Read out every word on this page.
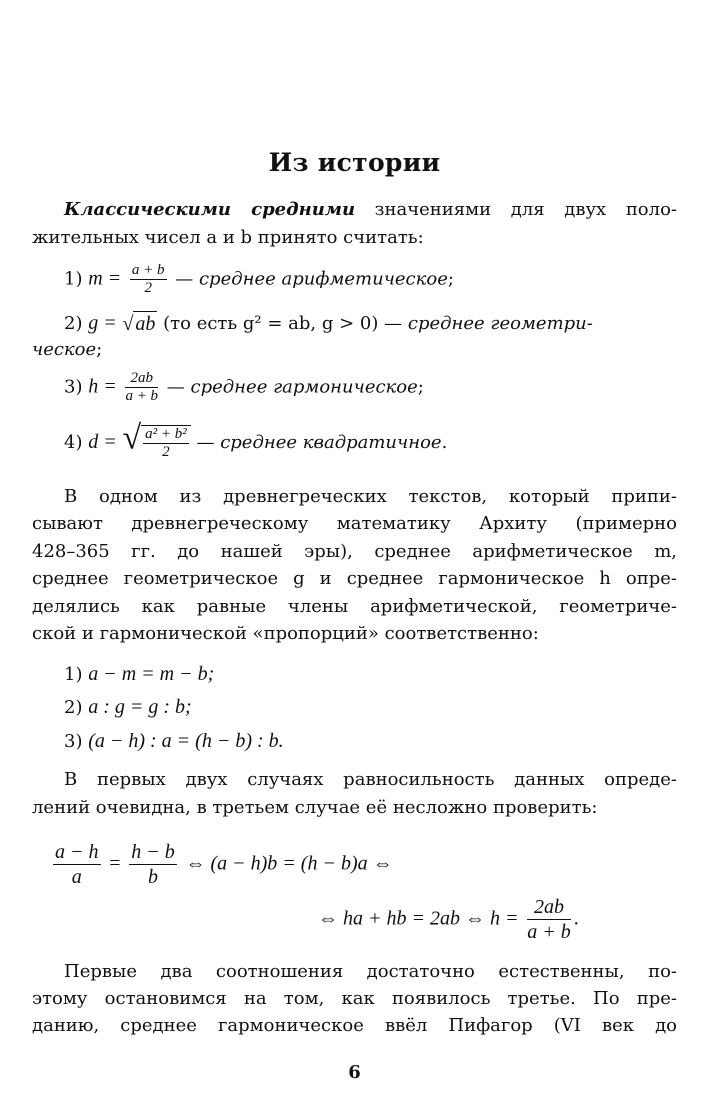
Из истории
Классическими средними значениями для двух поло-
жительных чисел a и b принято считать:
1) $m = \frac{a + b}{2}$ — среднее арифметическое;
2) g = √ ab (то есть g² = ab, g > 0) — среднее геометри-
ческое;
3) $h = \frac{2ab}{a + b}$ — среднее гармоническое;
4) d = √ $\frac{\text{a² + b²}}{2}$ — среднее квадратичное.
В одном из древнегреческих текстов, который припи-
сывают древнегреческому математику Архиту (примерно
428–365 гг. до нашей эры), среднее арифметическое m,
среднее геометрическое g и среднее гармоническое h опре-
делялись как равные члены арифметической, геометриче-
ской и гармонической «пропорций» соответственно:
1) a − m = m − b;
2) a : g = g : b;
3) (a − h) : a = (h − b) : b.
В первых двух случаях равносильность данных опреде-
лений очевидна, в третьем случае её несложно проверить:
$\frac{a - h}{a} = \frac{h - b}{b}$ ⇔ (a − h)b = (h − b)a ⇔
⇔ ha + hb = 2ab ⇔ $h = \frac{2ab}{a + b}$ .
Первые два соотношения достаточно естественны, по-
этому остановимся на том, как появилось третье. По пре-
данию, среднее гармоническое ввёл Пифагор (VI век до
6
